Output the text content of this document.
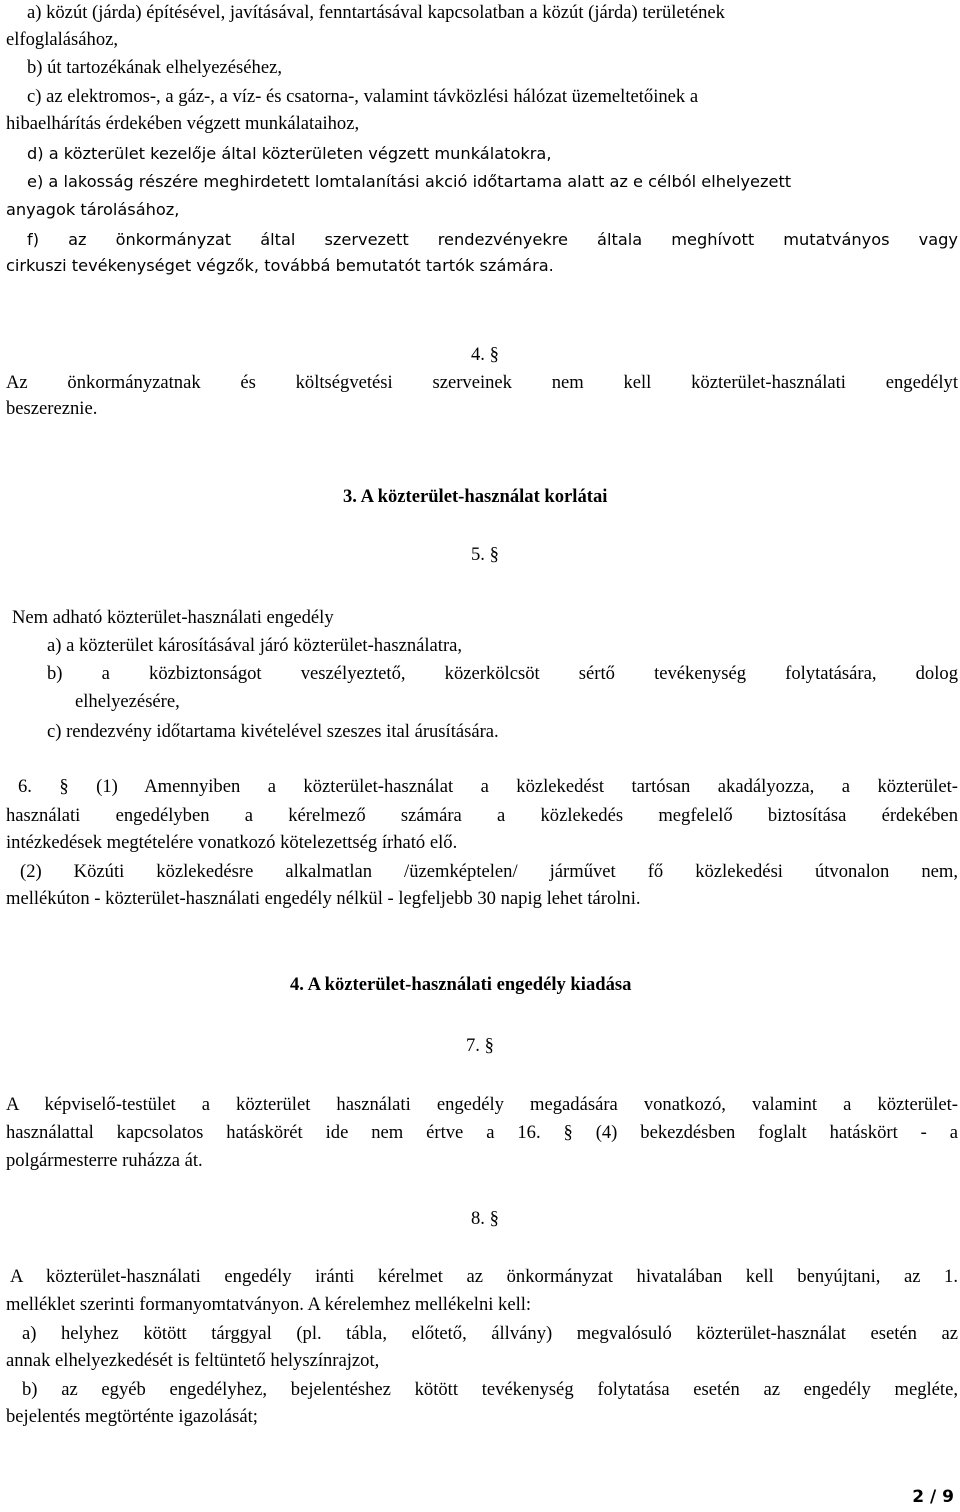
a) közút (járda) építésével, javításával, fenntartásával kapcsolatban a közút (járda) területének
elfoglalásához,
b) út tartozékának elhelyezéséhez,
c) az elektromos-, a gáz-, a víz- és csatorna-, valamint távközlési hálózat üzemeltetőinek a
hibaelhárítás érdekében végzett munkálataihoz,
d) a közterület kezelője által közterületen végzett munkálatokra,
e) a lakosság részére meghirdetett lomtalanítási akció időtartama alatt az e célból elhelyezett
anyagok tárolásához,
f) az önkormányzat által szervezett rendezvényekre általa meghívott mutatványos vagy
cirkuszi tevékenységet végzők, továbbá bemutatót tartók számára.
4. §
Az önkormányzatnak és költségvetési szerveinek nem kell közterület-használati engedélyt
beszereznie.
3. A közterület-használat korlátai
5. §
Nem adható közterület-használati engedély
a) a közterület károsításával járó közterület-használatra,
b) a közbiztonságot veszélyeztető, közerkölcsöt sértő tevékenység folytatására, dolog
elhelyezésére,
c) rendezvény időtartama kivételével szeszes ital árusítására.
6. § (1) Amennyiben a közterület-használat a közlekedést tartósan akadályozza, a közterület-
használati engedélyben a kérelmező számára a közlekedés megfelelő biztosítása érdekében
intézkedések megtételére vonatkozó kötelezettség írható elő.
(2) Közúti közlekedésre alkalmatlan /üzemképtelen/ járművet fő közlekedési útvonalon nem,
mellékúton - közterület-használati engedély nélkül - legfeljebb 30 napig lehet tárolni.
4. A közterület-használati engedély kiadása
7. §
A képviselő-testület a közterület használati engedély megadására vonatkozó, valamint a közterület-
használattal kapcsolatos hatáskörét ide nem értve a 16. § (4) bekezdésben foglalt hatáskört - a
polgármesterre ruházza át.
8. §
A közterület-használati engedély iránti kérelmet az önkormányzat hivatalában kell benyújtani, az 1.
melléklet szerinti formanyomtatványon. A kérelemhez mellékelni kell:
a) helyhez kötött tárggyal (pl. tábla, előtető, állvány) megvalósuló közterület-használat esetén az
annak elhelyezkedését is feltüntető helyszínrajzot,
b) az egyéb engedélyhez, bejelentéshez kötött tevékenység folytatása esetén az engedély megléte,
bejelentés megtörténte igazolását;
2 / 9
